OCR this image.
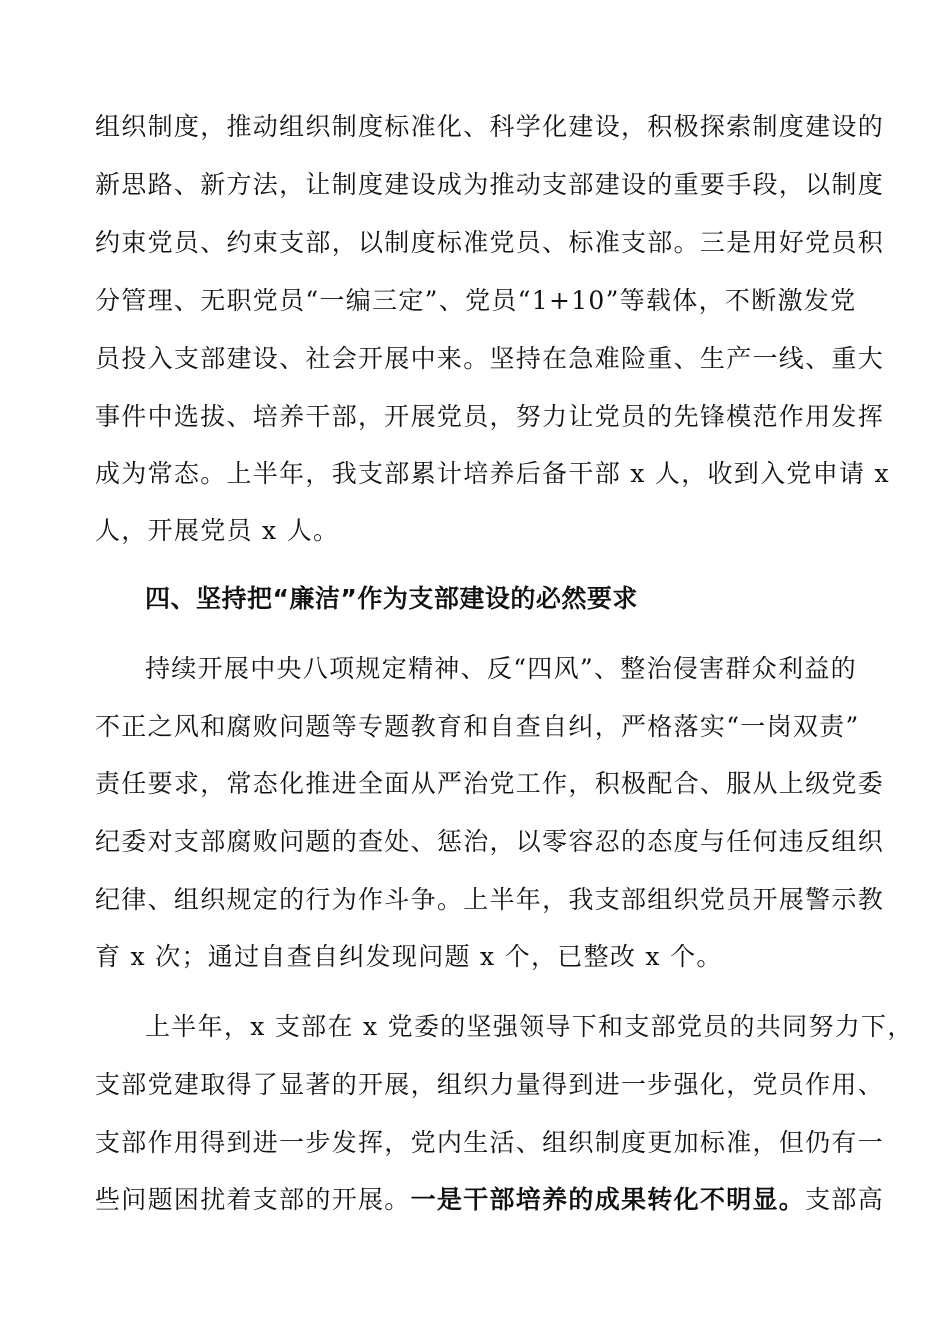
组织制度，推动组织制度标准化、科学化建设，积极探索制度建设的
新思路、新方法，让制度建设成为推动支部建设的重要手段，以制度
约束党员、约束支部，以制度标准党员、标准支部。三是用好党员积
分管理、无职党员“一编三定”、党员“1+10”等载体，不断激发党
员投入支部建设、社会开展中来。坚持在急难险重、生产一线、重大
事件中选拔、培养干部，开展党员，努力让党员的先锋模范作用发挥
成为常态。上半年，我支部累计培养后备干部 x 人，收到入党申请 x
人，开展党员 x 人。
四、坚持把“廉洁”作为支部建设的必然要求
持续开展中央八项规定精神、反“四风”、整治侵害群众利益的
不正之风和腐败问题等专题教育和自查自纠，严格落实“一岗双责”
责任要求，常态化推进全面从严治党工作，积极配合、服从上级党委
纪委对支部腐败问题的查处、惩治，以零容忍的态度与任何违反组织
纪律、组织规定的行为作斗争。上半年，我支部组织党员开展警示教
育 x 次；通过自查自纠发现问题 x 个，已整改 x 个。
上半年，x 支部在 x 党委的坚强领导下和支部党员的共同努力下，
支部党建取得了显著的开展，组织力量得到进一步强化，党员作用、
支部作用得到进一步发挥，党内生活、组织制度更加标准，但仍有一
些问题困扰着支部的开展。一是干部培养的成果转化不明显。支部高
